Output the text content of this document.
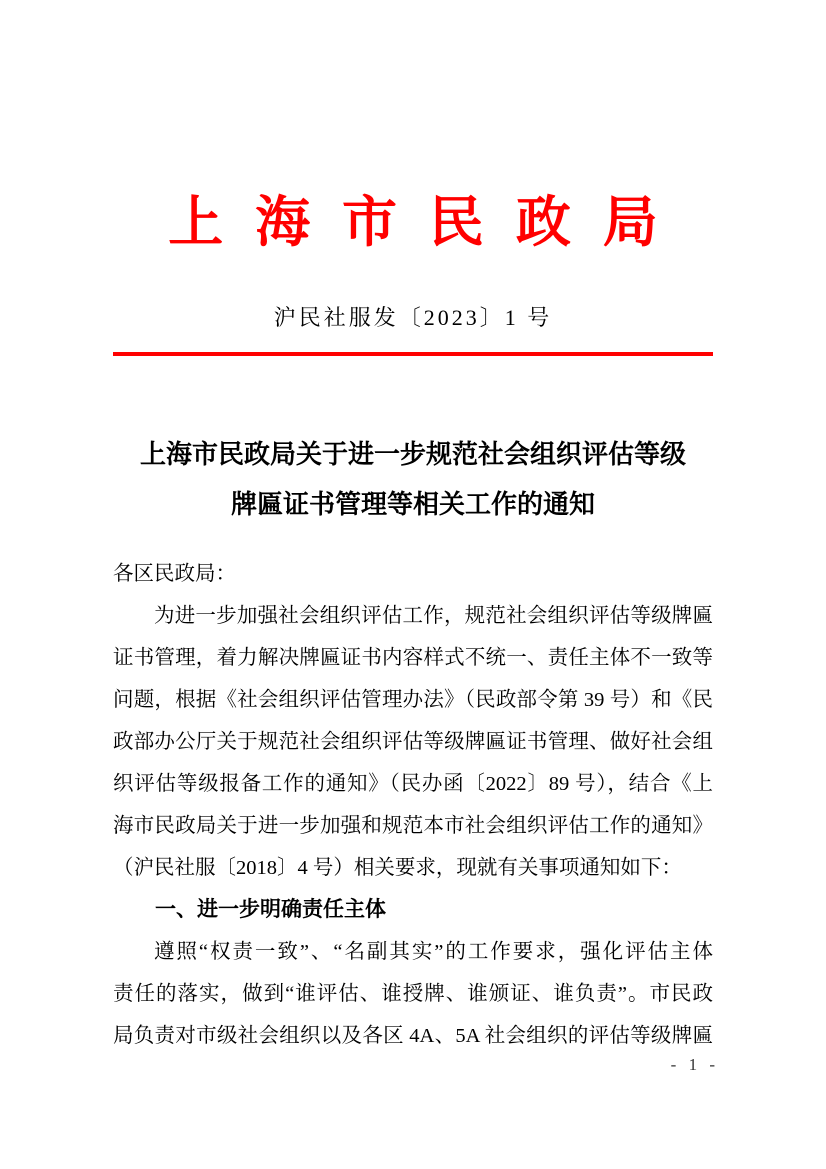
上海市民政局
沪民社服发〔2023〕1 号
上海市民政局关于进一步规范社会组织评估等级
牌匾证书管理等相关工作的通知
各区民政局：
为进一步加强社会组织评估工作，规范社会组织评估等级牌匾
证书管理，着力解决牌匾证书内容样式不统一、责任主体不一致等
问题，根据《社会组织评估管理办法》（民政部令第 39 号）和《民
政部办公厅关于规范社会组织评估等级牌匾证书管理、做好社会组
织评估等级报备工作的通知》（民办函〔2022〕89 号），结合《上
海市民政局关于进一步加强和规范本市社会组织评估工作的通知》
（沪民社服〔2018〕4 号）相关要求，现就有关事项通知如下：
一、进一步明确责任主体
遵照“权责一致”、“名副其实”的工作要求，强化评估主体
责任的落实，做到“谁评估、谁授牌、谁颁证、谁负责”。市民政
局负责对市级社会组织以及各区 4A、5A 社会组织的评估等级牌匾
- 1 -
